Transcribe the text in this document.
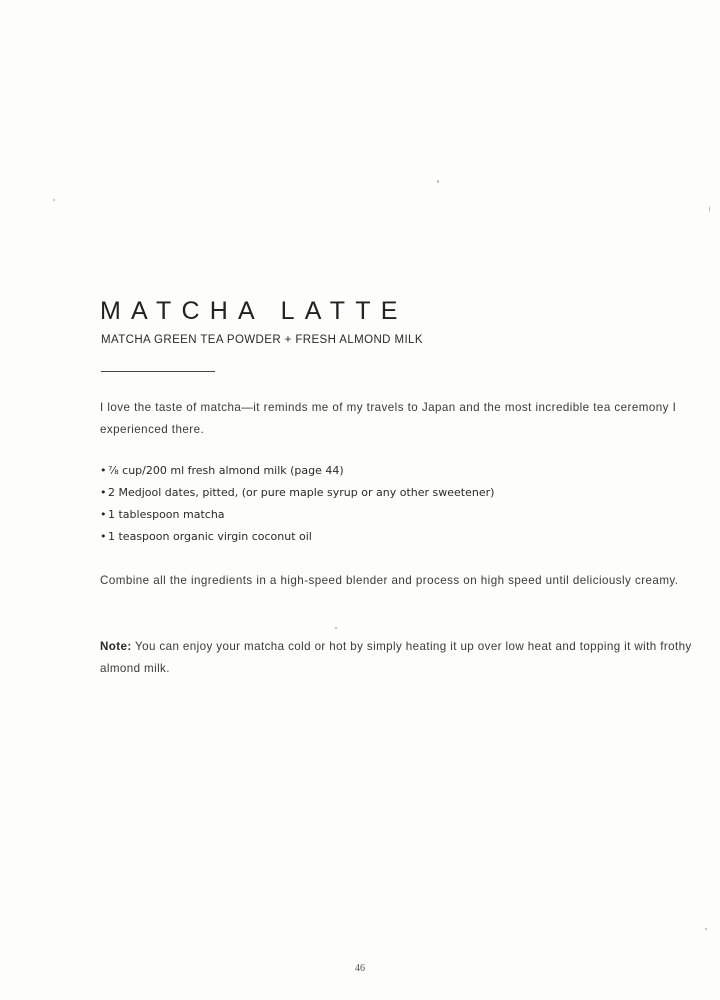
MATCHA LATTE

MATCHA GREEN TEA POWDER + FRESH ALMOND MILK

I love the taste of matcha—it reminds me of my travels to Japan and the most incredible tea ceremony I experienced there.

• ⅞ cup/200 ml fresh almond milk (page 44)
• 2 Medjool dates, pitted, (or pure maple syrup or any other sweetener)
• 1 tablespoon matcha
• 1 teaspoon organic virgin coconut oil

Combine all the ingredients in a high-speed blender and process on high speed until deliciously creamy.

Note: You can enjoy your matcha cold or hot by simply heating it up over low heat and topping it with frothy almond milk.

46
